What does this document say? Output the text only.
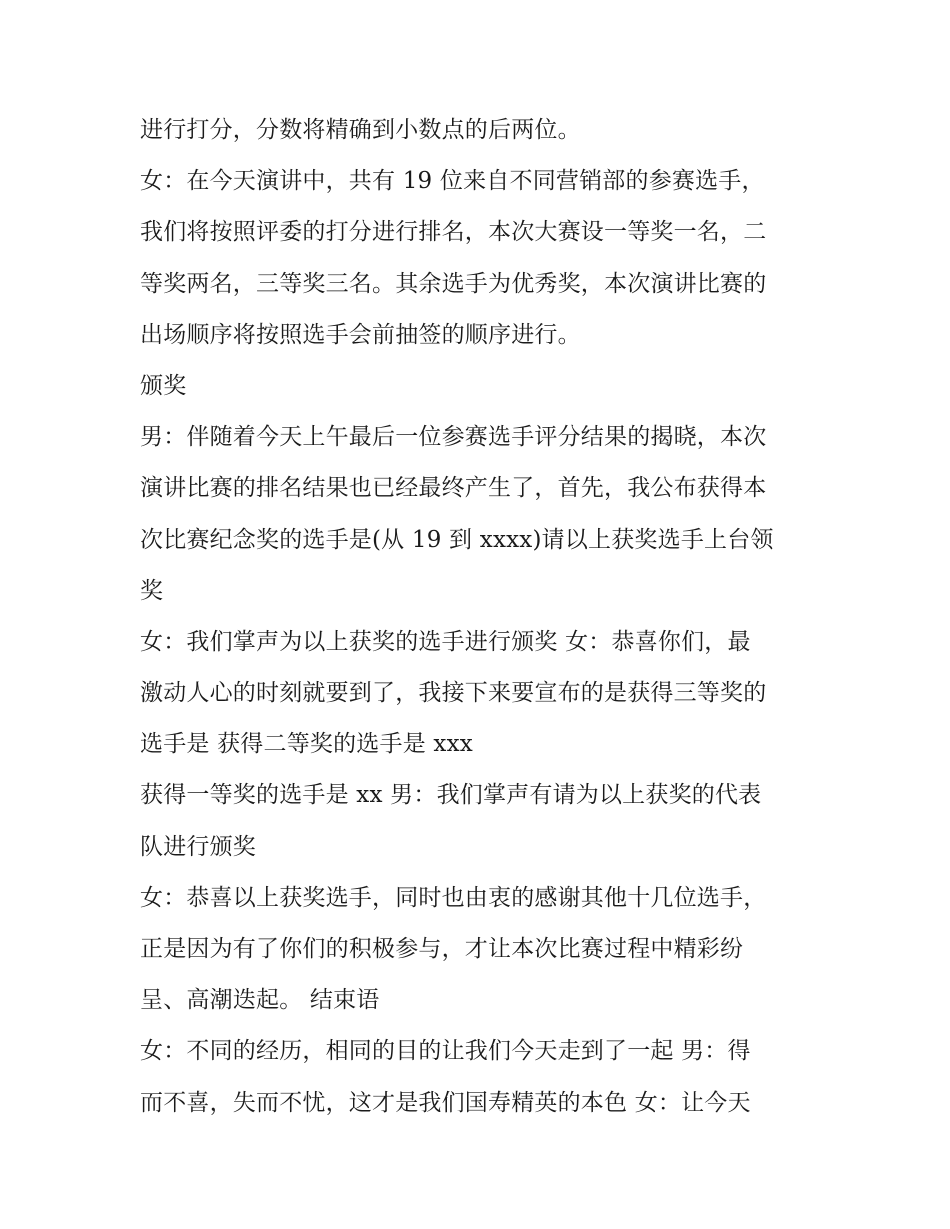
进行打分，分数将精确到小数点的后两位。
女：在今天演讲中，共有 19 位来自不同营销部的参赛选手，
我们将按照评委的打分进行排名，本次大赛设一等奖一名，二
等奖两名，三等奖三名。其余选手为优秀奖，本次演讲比赛的
出场顺序将按照选手会前抽签的顺序进行。
颁奖
男：伴随着今天上午最后一位参赛选手评分结果的揭晓，本次
演讲比赛的排名结果也已经最终产生了，首先，我公布获得本
次比赛纪念奖的选手是(从 19 到 xxxx)请以上获奖选手上台领
奖
女：我们掌声为以上获奖的选手进行颁奖 女：恭喜你们，最
激动人心的时刻就要到了，我接下来要宣布的是获得三等奖的
选手是 获得二等奖的选手是 xxx
获得一等奖的选手是 xx 男：我们掌声有请为以上获奖的代表
队进行颁奖
女：恭喜以上获奖选手，同时也由衷的感谢其他十几位选手，
正是因为有了你们的积极参与，才让本次比赛过程中精彩纷
呈、高潮迭起。 结束语
女：不同的经历，相同的目的让我们今天走到了一起 男：得
而不喜，失而不忧，这才是我们国寿精英的本色 女：让今天
